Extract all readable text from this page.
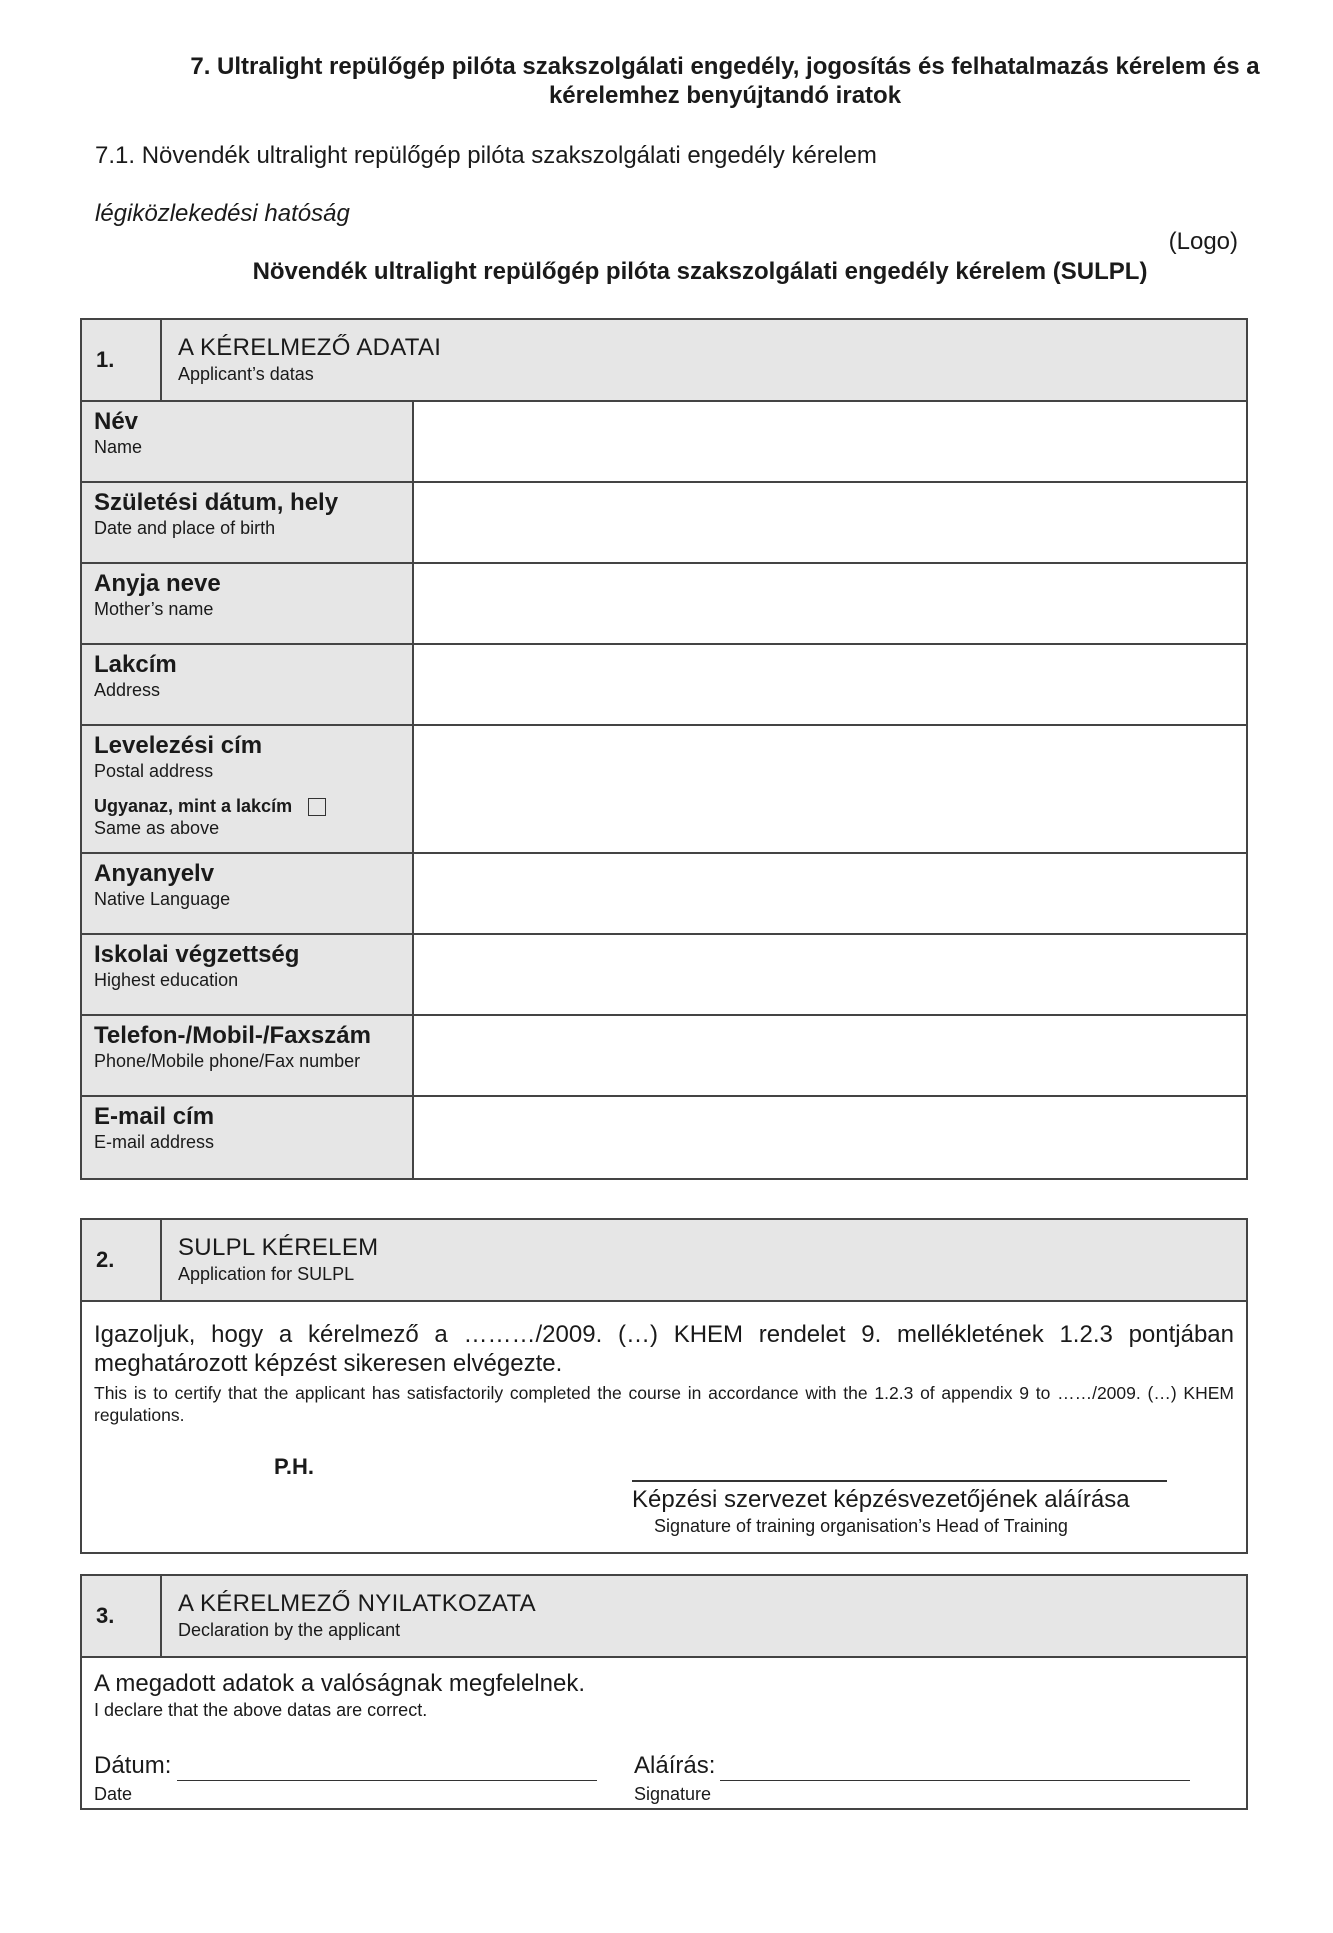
7. Ultralight repülőgép pilóta szakszolgálati engedély, jogosítás és felhatalmazás kérelem és a
kérelemhez benyújtandó iratok
7.1. Növendék ultralight repülőgép pilóta szakszolgálati engedély kérelem
légiközlekedési hatóság
(Logo)
Növendék ultralight repülőgép pilóta szakszolgálati engedély kérelem (SULPL)
1.	A KÉRELMEZŐ ADATAI
Applicant’s datas
Név
Name
Születési dátum, hely
Date and place of birth
Anyja neve
Mother’s name
Lakcím
Address
Levelezési cím
Postal address
Ugyanaz, mint a lakcím
Same as above
Anyanyelv
Native Language
Iskolai végzettség
Highest education
Telefon-/Mobil-/Faxszám
Phone/Mobile phone/Fax number
E-mail cím
E-mail address
2.	SULPL KÉRELEM
Application for SULPL
Igazoljuk, hogy a kérelmező a ………/2009. (…) KHEM rendelet 9. mellékletének 1.2.3 pontjában meghatározott képzést sikeresen elvégezte.
This is to certify that the applicant has satisfactorily completed the course in accordance with the 1.2.3 of appendix 9 to ……/2009. (…) KHEM regulations.
P.H.
Képzési szervezet képzésvezetőjének aláírása
Signature of training organisation’s Head of Training
3.	A KÉRELMEZŐ NYILATKOZATA
Declaration by the applicant
A megadott adatok a valóságnak megfelelnek.
I declare that the above datas are correct.
Dátum:
Date
Aláírás:
Signature
